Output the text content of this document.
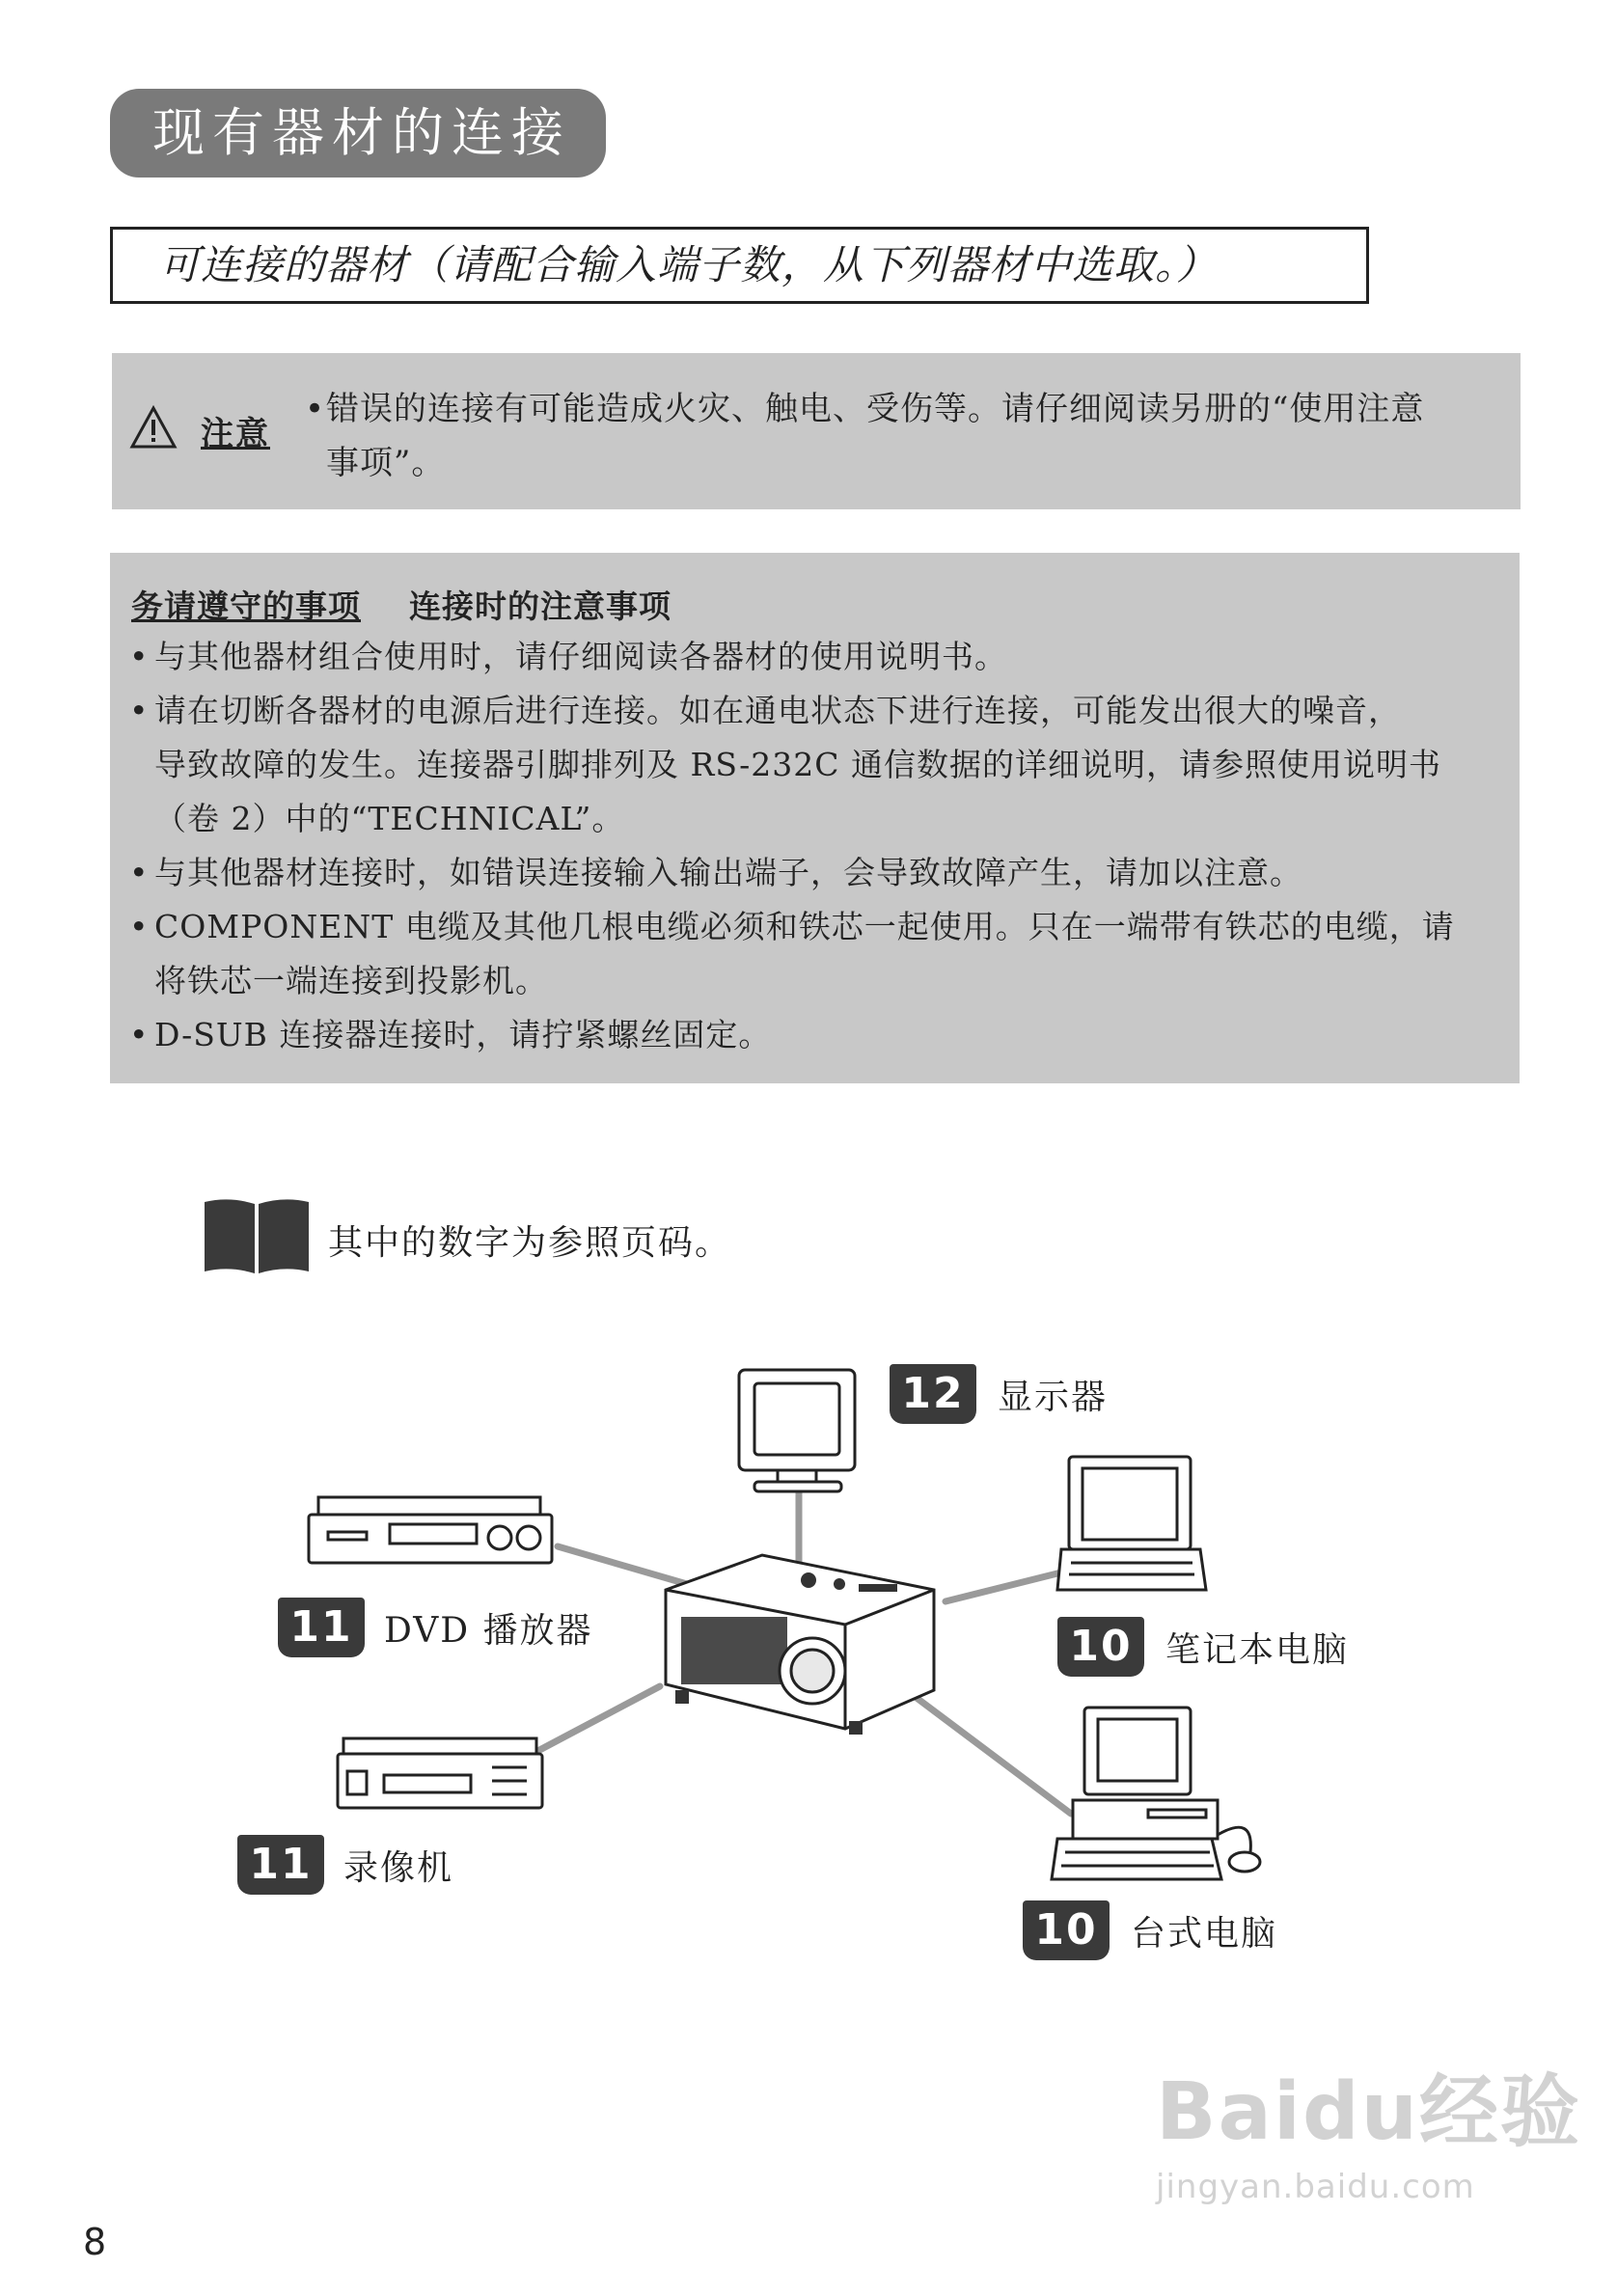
现有器材的连接
可连接的器材（请配合输入端子数，从下列器材中选取。）
注意
• 错误的连接有可能造成火灾、触电、受伤等。请仔细阅读另册的“使用注意
事项”。
务请遵守的事项 连接时的注意事项
• 与其他器材组合使用时，请仔细阅读各器材的使用说明书。
• 请在切断各器材的电源后进行连接。如在通电状态下进行连接，可能发出很大的噪音，
导致故障的发生。连接器引脚排列及 RS-232C 通信数据的详细说明，请参照使用说明书
（卷 2）中的“TECHNICAL”。
• 与其他器材连接时，如错误连接输入输出端子，会导致故障产生，请加以注意。
• COMPONENT 电缆及其他几根电缆必须和铁芯一起使用。只在一端带有铁芯的电缆，请
将铁芯一端连接到投影机。
• D-SUB 连接器连接时，请拧紧螺丝固定。
其中的数字为参照页码。
12 显示器
11 DVD 播放器	10 笔记本电脑
11 录像机
10 台式电脑
Baidu经验
jingyan.baidu.com
8
